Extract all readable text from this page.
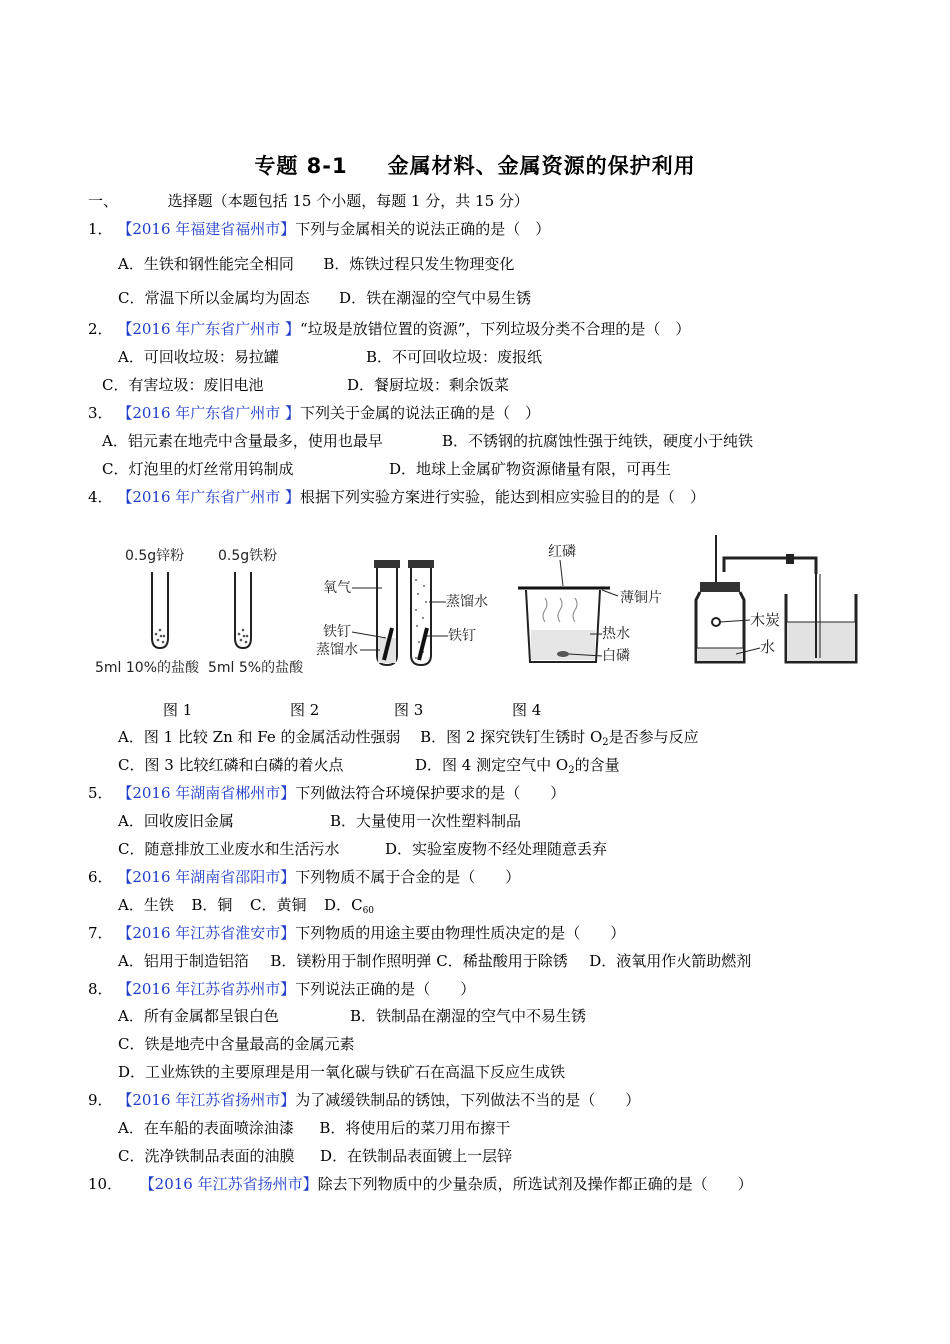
专题 8-1 金属材料、金属资源的保护利用
一、	选择题（本题包括 15 个小题，每题 1 分，共 15 分）
1． 【2016 年福建省福州市】下列与金属相关的说法正确的是（　）
A．生铁和钢性能完全相同 B．炼铁过程只发生物理变化
C．常温下所以金属均为固态 D．铁在潮湿的空气中易生锈
2． 【2016 年广东省广州市 】“垃圾是放错位置的资源”，下列垃圾分类不合理的是（　）
A．可回收垃圾：易拉罐	B．不可回收垃圾：废报纸
C．有害垃圾：废旧电池	D．餐厨垃圾：剩余饭菜
3． 【2016 年广东省广州市 】下列关于金属的说法正确的是（　）
A．铝元素在地壳中含量最多，使用也最早	B．不锈钢的抗腐蚀性强于纯铁，硬度小于纯铁
C．灯泡里的灯丝常用钨制成	D．地球上金属矿物资源储量有限，可再生
4． 【2016 年广东省广州市 】根据下列实验方案进行实验，能达到相应实验目的的是（　）
0.5g锌粉 0.5g铁粉
5ml 10%的盐酸 5ml 5%的盐酸
氧气
铁钉
蒸馏水
蒸馏水
铁钉
红磷
薄铜片
热水
白磷
木炭
水
图 1	图 2	图 3	图 4
A．图 1 比较 Zn 和 Fe 的金属活动性强弱 B．图 2 探究铁钉生锈时 $O_2$是否参与反应
C．图 3 比较红磷和白磷的着火点	D．图 4 测定空气中 $O_2$的含量
5． 【2016 年湖南省郴州市】下列做法符合环境保护要求的是（　　）
A．回收废旧金属	B．大量使用一次性塑料制品
C．随意排放工业废水和生活污水	D．实验室废物不经处理随意丢弃
6． 【2016 年湖南省邵阳市】下列物质不属于合金的是（　　）
A．生铁 B．铜 C．黄铜 D．$C_{60}$
7． 【2016 年江苏省淮安市】下列物质的用途主要由物理性质决定的是（　　）
A．铝用于制造铝箔 B．镁粉用于制作照明弹 C．稀盐酸用于除锈 D．液氧用作火箭助燃剂
8． 【2016 年江苏省苏州市】下列说法正确的是（　　）
A．所有金属都呈银白色	B．铁制品在潮湿的空气中不易生锈
C．铁是地壳中含量最高的金属元素
D．工业炼铁的主要原理是用一氧化碳与铁矿石在高温下反应生成铁
9． 【2016 年江苏省扬州市】为了减缓铁制品的锈蚀，下列做法不当的是（　　）
A．在车船的表面喷涂油漆 B．将使用后的菜刀用布擦干
C．洗净铁制品表面的油膜 D．在铁制品表面镀上一层锌
10． 【2016 年江苏省扬州市】除去下列物质中的少量杂质，所选试剂及操作都正确的是（　　）
